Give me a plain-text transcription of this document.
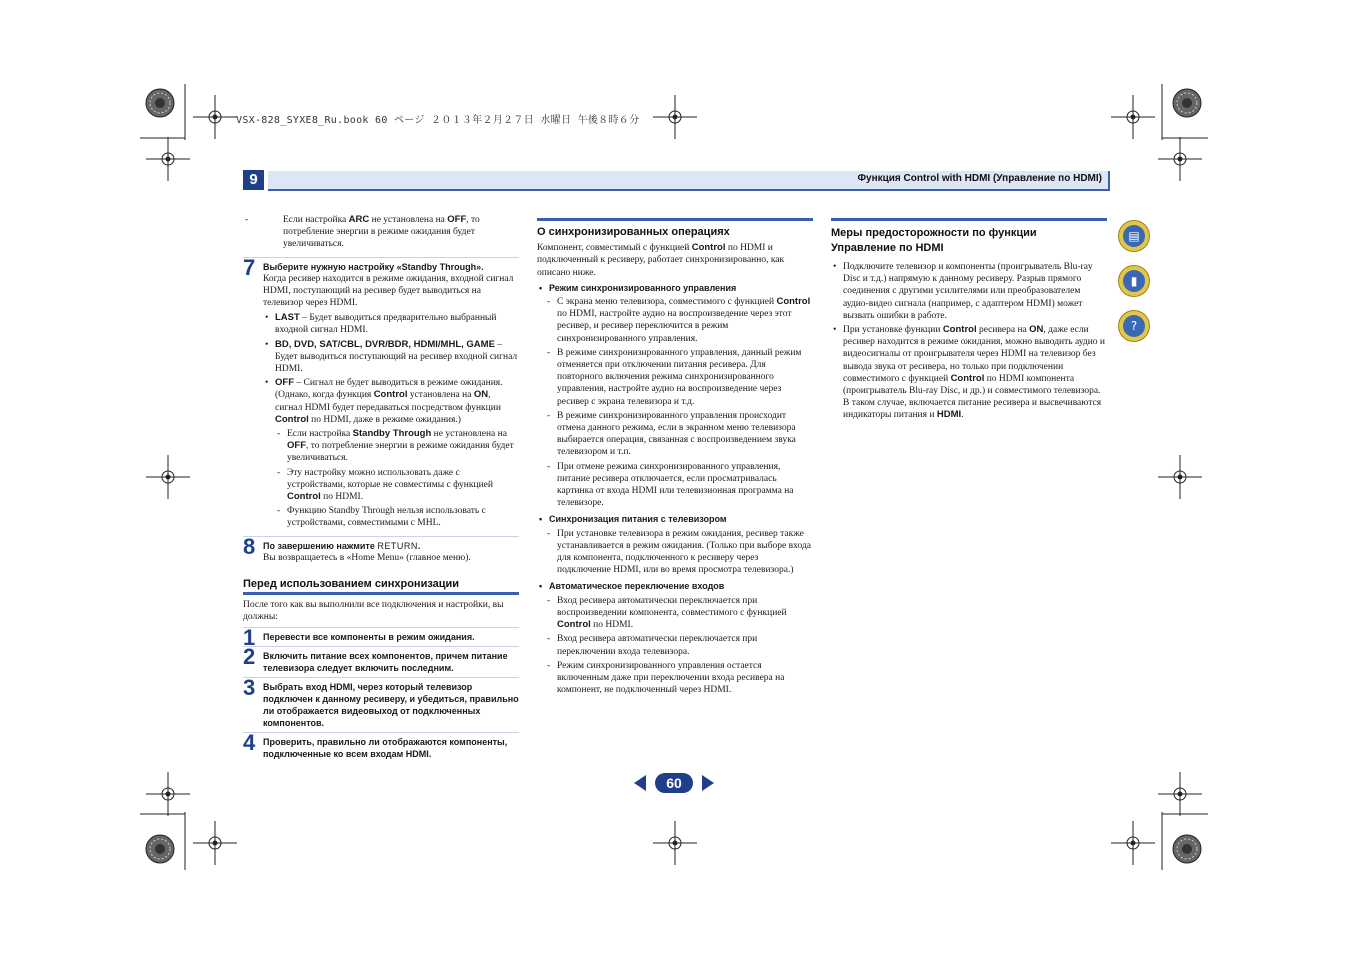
VSX-828_SYXE8_Ru.book 60 ページ ２０１３年２月２７日 水曜日 午後８時６分
9	Функция Control with HDMI (Управление по HDMI)
- Если настройка ARC не установлена на OFF, то потребление энергии в режиме ожидания будет увеличиваться.
7 Выберите нужную настройку «Standby Through».

Когда ресивер находится в режиме ожидания, входной сигнал HDMI, поступающий на ресивер будет выводиться на телевизор через HDMI.

• LAST – Будет выводиться предварительно выбранный входной сигнал HDMI.
• BD, DVD, SAT/CBL, DVR/BDR, HDMI/MHL, GAME – Будет выводиться поступающий на ресивер входной сигнал HDMI.
• OFF – Сигнал не будет выводиться в режиме ожидания. (Однако, когда функция Control установлена на ON, сигнал HDMI будет передаваться посредством функции Control по HDMI, даже в режиме ожидания.)
- Если настройка Standby Through не установлена на OFF, то потребление энергии в режиме ожидания будет увеличиваться.
- Эту настройку можно использовать даже с устройствами, которые не совместимы с функцией Control по HDMI.
- Функцию Standby Through нельзя использовать с устройствами, совместимыми с MHL.
8 По завершению нажмите RETURN.

Вы возвращаетесь в «Home Menu» (главное меню).

Перед использованием синхронизации

После того как вы выполнили все подключения и настройки, вы должны:

1 Перевести все компоненты в режим ожидания.
2 Включить питание всех компонентов, причем питание телевизора следует включить последним.
3 Выбрать вход HDMI, через который телевизор подключен к данному ресиверу, и убедиться, правильно ли отображается видеовыход от подключенных компонентов.
4 Проверить, правильно ли отображаются компоненты, подключенные ко всем входам HDMI.
О синхронизированных операциях

Компонент, совместимый с функцией Control по HDMI и подключенный к ресиверу, работает синхронизированно, как описано ниже.

• Режим синхронизированного управления
- С экрана меню телевизора, совместимого с функцией Control по HDMI, настройте аудио на воспроизведение через этот ресивер, и ресивер переключится в режим синхронизированного управления.
- В режиме синхронизированного управления, данный режим отменяется при отключении питания ресивера. Для повторного включения режима синхронизированного управления, настройте аудио на воспроизведение через ресивер с экрана телевизора и т.д.
- В режиме синхронизированного управления происходит отмена данного режима, если в экранном меню телевизора выбирается операция, связанная с воспроизведением звука телевизором и т.п.
- При отмене режима синхронизированного управления, питание ресивера отключается, если просматривалась картинка от входа HDMI или телевизионная программа на телевизоре.
• Синхронизация питания с телевизором
- При установке телевизора в режим ожидания, ресивер также устанавливается в режим ожидания. (Только при выборе входа для компонента, подключенного к ресиверу через подключение HDMI, или во время просмотра телевизора.)
• Автоматическое переключение входов
- Вход ресивера автоматически переключается при воспроизведении компонента, совместимого с функцией Control по HDMI.
- Вход ресивера автоматически переключается при переключении входа телевизора.
- Режим синхронизированного управления остается включенным даже при переключении входа ресивера на компонент, не подключенный через HDMI.
Меры предосторожности по функции
Управление по HDMI
• Подключите телевизор и компоненты (проигрыватель Blu-ray Disc и т.д.) напрямую к данному ресиверу. Разрыв прямого соединения с другими усилителями или преобразователем аудио-видео сигнала (например, с адаптером HDMI) может вызвать ошибки в работе.
• При установке функции Control ресивера на ON, даже если ресивер находится в режиме ожидания, можно выводить аудио и видеосигналы от проигрывателя через HDMI на телевизор без вывода звука от ресивера, но только при подключении совместимого с функцией Control по HDMI компонента (проигрыватель Blu-ray Disc, и др.) и совместимого телевизора. В таком случае, включается питание ресивера и высвечиваются индикаторы питания и HDMI.
▤
▮
?
60
